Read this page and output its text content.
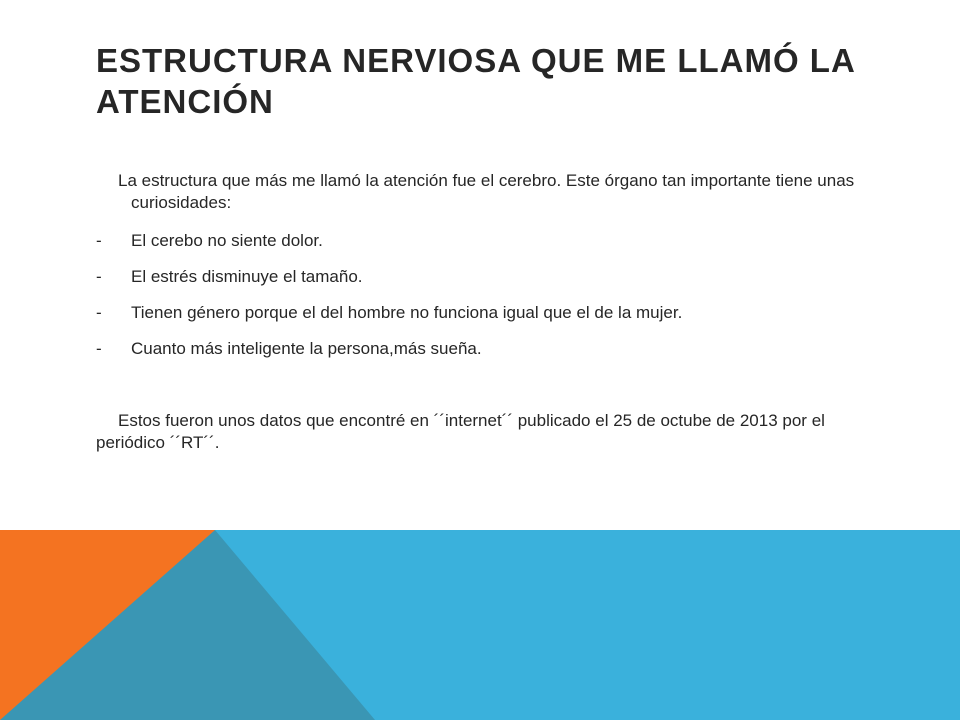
ESTRUCTURA NERVIOSA QUE ME LLAMÓ LA ATENCIÓN

La estructura que más me llamó la atención fue el cerebro. Este órgano tan importante tiene unas curiosidades:

-	El cerebo no siente dolor.
-	El estrés disminuye el tamaño.
-	Tienen género porque el del hombre no funciona igual que el de la mujer.
-	Cuanto más inteligente la persona,más sueña.

Estos fueron unos datos que encontré en ´´internet´´ publicado el 25 de octube de 2013 por el periódico ´´RT´´.
